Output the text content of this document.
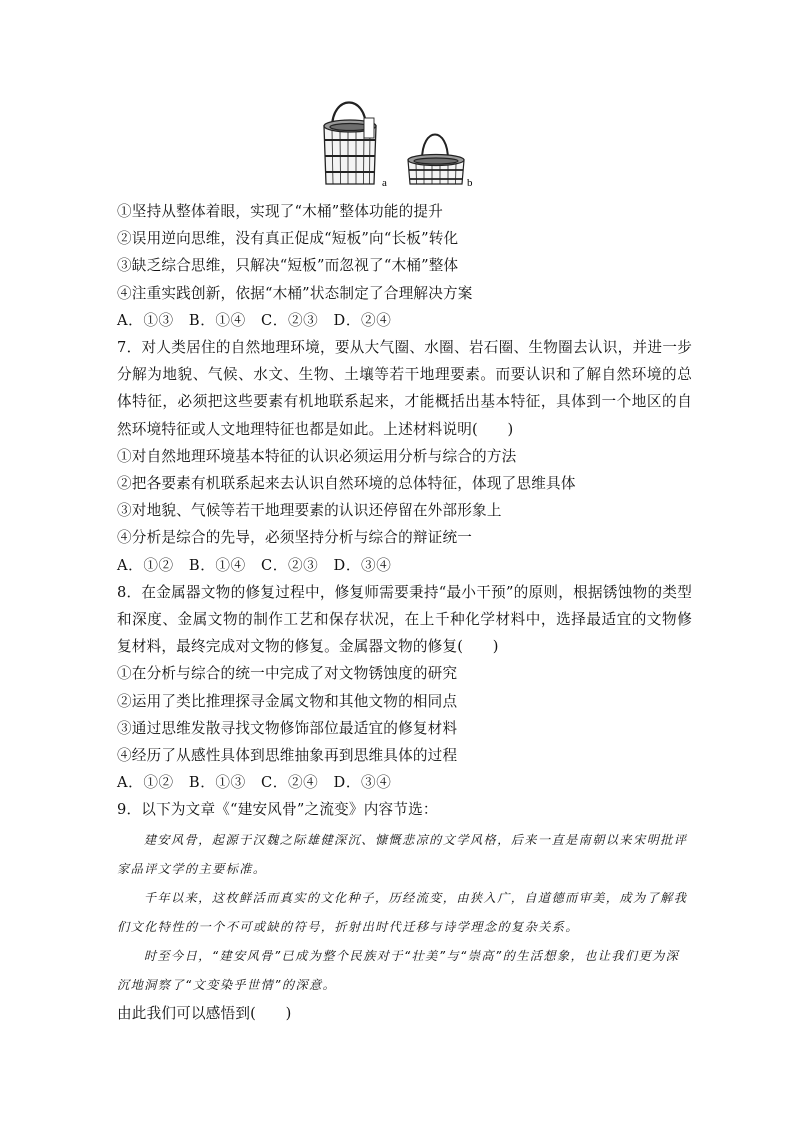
a	b
①坚持从整体着眼，实现了“木桶”整体功能的提升
②误用逆向思维，没有真正促成“短板”向“长板”转化
③缺乏综合思维，只解决“短板”而忽视了“木桶”整体
④注重实践创新，依据“木桶”状态制定了合理解决方案
A．①③　B．①④　C．②③　D．②④
7．对人类居住的自然地理环境，要从大气圈、水圈、岩石圈、生物圈去认识，并进一步分解为地貌、气候、水文、生物、土壤等若干地理要素。而要认识和了解自然环境的总体特征，必须把这些要素有机地联系起来，才能概括出基本特征，具体到一个地区的自然环境特征或人文地理特征也都是如此。上述材料说明(　　)
①对自然地理环境基本特征的认识必须运用分析与综合的方法
②把各要素有机联系起来去认识自然环境的总体特征，体现了思维具体
③对地貌、气候等若干地理要素的认识还停留在外部形象上
④分析是综合的先导，必须坚持分析与综合的辩证统一
A．①②　B．①④　C．②③　D．③④
8．在金属器文物的修复过程中，修复师需要秉持“最小干预”的原则，根据锈蚀物的类型和深度、金属文物的制作工艺和保存状况，在上千种化学材料中，选择最适宜的文物修复材料，最终完成对文物的修复。金属器文物的修复(　　)
①在分析与综合的统一中完成了对文物锈蚀度的研究
②运用了类比推理探寻金属文物和其他文物的相同点
③通过思维发散寻找文物修饰部位最适宜的修复材料
④经历了从感性具体到思维抽象再到思维具体的过程
A．①②　B．①③　C．②④　D．③④
9．以下为文章《“建安风骨”之流变》内容节选：

建安风骨，起源于汉魏之际雄健深沉、慷慨悲凉的文学风格，后来一直是南朝以来宋明批评家品评文学的主要标准。

千年以来，这枚鲜活而真实的文化种子，历经流变，由狭入广，自道德而审美，成为了解我们文化特性的一个不可或缺的符号，折射出时代迁移与诗学理念的复杂关系。

时至今日，“建安风骨”已成为整个民族对于“壮美”与“崇高”的生活想象，也让我们更为深沉地洞察了“文变染乎世情”的深意。

由此我们可以感悟到(　　)
